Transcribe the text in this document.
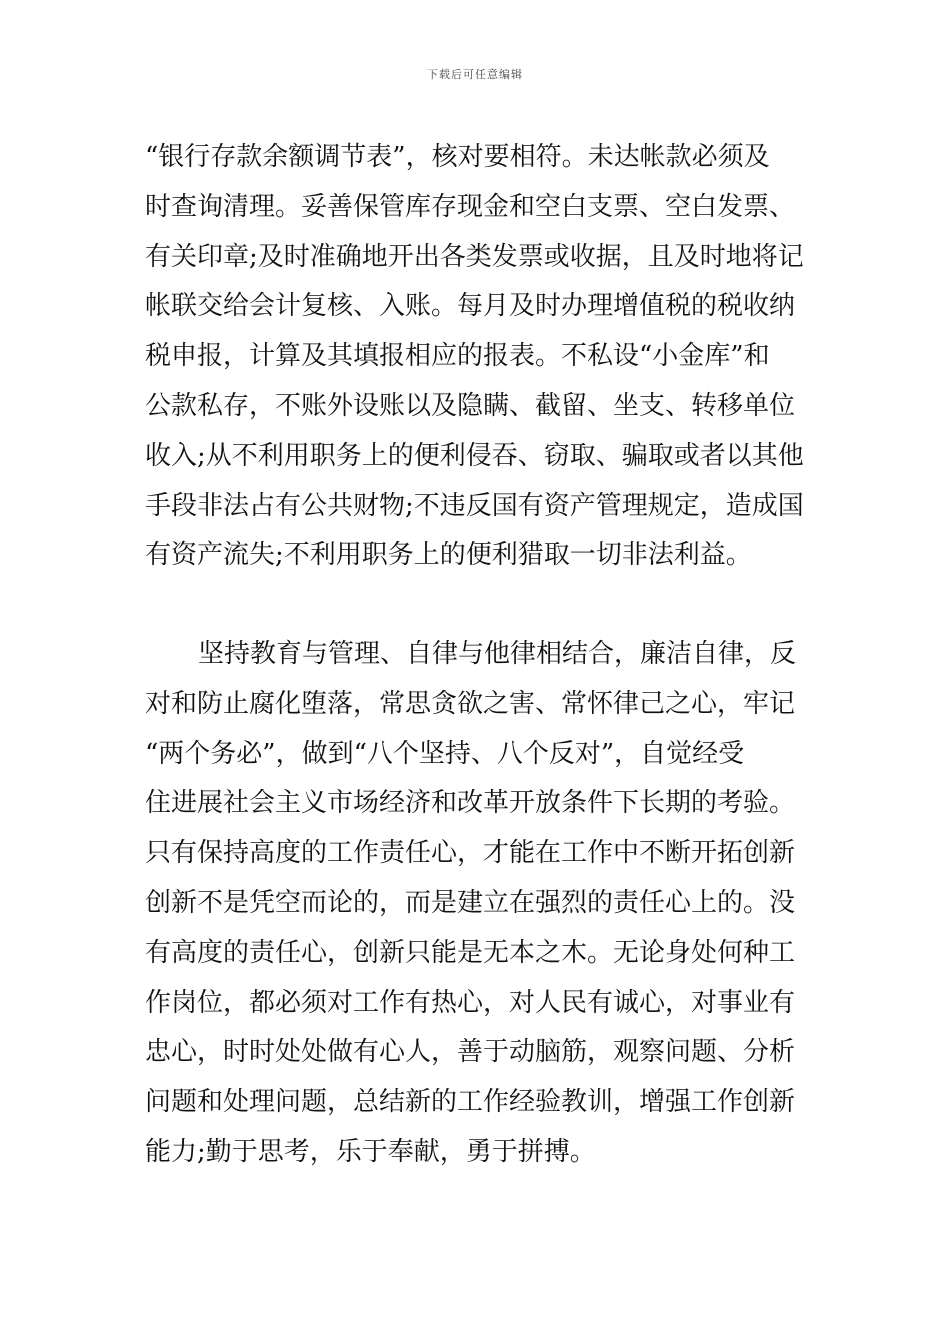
下载后可任意编辑
“银行存款余额调节表”，核对要相符。未达帐款必须及
时查询清理。妥善保管库存现金和空白支票、空白发票、
有关印章;及时准确地开出各类发票或收据，且及时地将记
帐联交给会计复核、入账。每月及时办理增值税的税收纳
税申报，计算及其填报相应的报表。不私设“小金库”和
公款私存，不账外设账以及隐瞒、截留、坐支、转移单位
收入;从不利用职务上的便利侵吞、窃取、骗取或者以其他
手段非法占有公共财物;不违反国有资产管理规定，造成国
有资产流失;不利用职务上的便利猎取一切非法利益。
坚持教育与管理、自律与他律相结合，廉洁自律，反
对和防止腐化堕落，常思贪欲之害、常怀律己之心，牢记
“两个务必”，做到“八个坚持、八个反对”，自觉经受
住进展社会主义市场经济和改革开放条件下长期的考验。
只有保持高度的工作责任心，才能在工作中不断开拓创新
创新不是凭空而论的，而是建立在强烈的责任心上的。没
有高度的责任心，创新只能是无本之木。无论身处何种工
作岗位，都必须对工作有热心，对人民有诚心，对事业有
忠心，时时处处做有心人，善于动脑筋，观察问题、分析
问题和处理问题，总结新的工作经验教训，增强工作创新
能力;勤于思考，乐于奉献，勇于拼搏。
